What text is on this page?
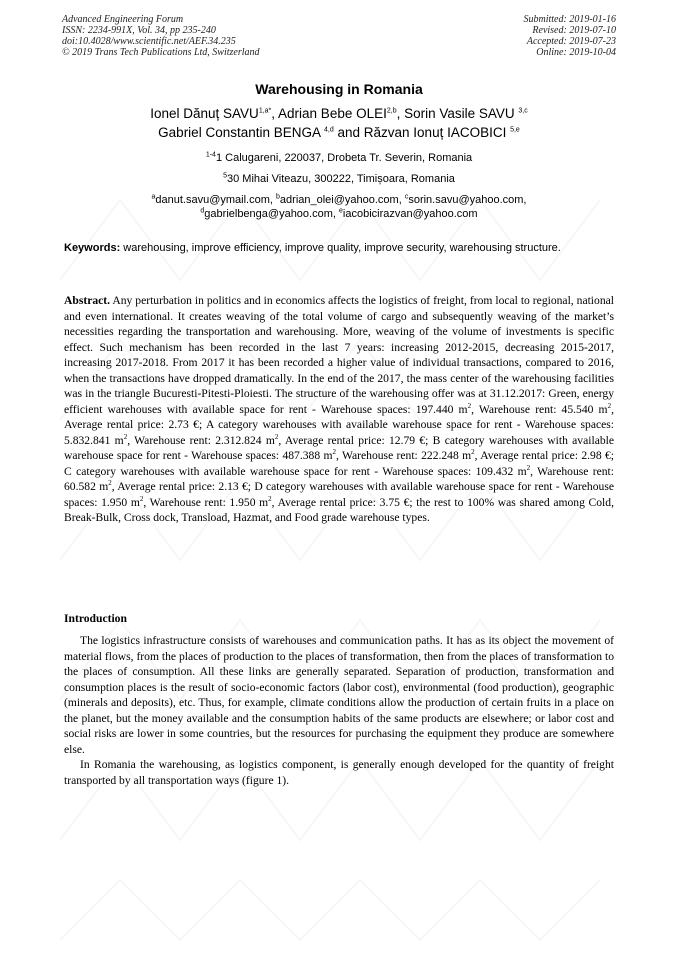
Advanced Engineering Forum
ISSN: 2234-991X, Vol. 34, pp 235-240
doi:10.4028/www.scientific.net/AEF.34.235
© 2019 Trans Tech Publications Ltd, Switzerland
Submitted: 2019-01-16
Revised: 2019-07-10
Accepted: 2019-07-23
Online: 2019-10-04
Warehousing in Romania
Ionel Dănuț $SAVU^{1,a*}$, Adrian Bebe OLEI$^{2,b}$, Sorin Vasile SAVU $^{3,c}$
Gabriel Constantin BENGA $^{4,d}$ and Răzvan Ionuț IACOBICI $^{5,e}$
$^{1-4}$1 Calugareni, 220037, Drobeta Tr. Severin, Romania
$^5$30 Mihai Viteazu, 300222, Timișoara, Romania
$^a$danut.savu@ymail.com, $^b$adrian_olei@yahoo.com, $^c$sorin.savu@yahoo.com,
$^d$gabrielbenga@yahoo.com, $^e$iacobicirazvan@yahoo.com
Keywords: warehousing, improve efficiency, improve quality, improve security, warehousing structure.
Abstract. Any perturbation in politics and in economics affects the logistics of freight, from local to regional, national and even international. It creates weaving of the total volume of cargo and subsequently weaving of the market’s necessities regarding the transportation and warehousing. More, weaving of the volume of investments is specific effect. Such mechanism has been recorded in the last 7 years: increasing 2012-2015, decreasing 2015-2017, increasing 2017-2018. From 2017 it has been recorded a higher value of individual transactions, compared to 2016, when the transactions have dropped dramatically. In the end of the 2017, the mass center of the warehousing facilities was in the triangle Bucuresti-Pitesti-Ploiesti. The structure of the warehousing offer was at 31.12.2017: Green, energy efficient warehouses with available space for rent - Warehouse spaces: 197.440 $m^2$, Warehouse rent: 45.540 $m^2$, Average rental price: 2.73 €; A category warehouses with available warehouse space for rent - Warehouse spaces: 5.832.841 $m^2$, Warehouse rent: 2.312.824 $m^2$, Average rental price: 12.79 €; B category warehouses with available warehouse space for rent - Warehouse spaces: 487.388 $m^2$, Warehouse rent: 222.248 $m^2$, Average rental price: 2.98 €; C category warehouses with available warehouse space for rent - Warehouse spaces: 109.432 $m^2$, Warehouse rent: 60.582 $m^2$, Average rental price: 2.13 €; D category warehouses with available warehouse space for rent - Warehouse spaces: 1.950 $m^2$, Warehouse rent: 1.950 $m^2$, Average rental price: 3.75 €; the rest to 100% was shared among Cold, Break-Bulk, Cross dock, Transload, Hazmat, and Food grade warehouse types.
Introduction

The logistics infrastructure consists of warehouses and communication paths. It has as its object the movement of material flows, from the places of production to the places of transformation, then from the places of transformation to the places of consumption. All these links are generally separated. Separation of production, transformation and consumption places is the result of socio-economic factors (labor cost), environmental (food production), geographic (minerals and deposits), etc. Thus, for example, climate conditions allow the production of certain fruits in a place on the planet, but the money available and the consumption habits of the same products are elsewhere; or labor cost and social risks are lower in some countries, but the resources for purchasing the equipment they produce are somewhere else.

In Romania the warehousing, as logistics component, is generally enough developed for the quantity of freight transported by all transportation ways (figure 1).
